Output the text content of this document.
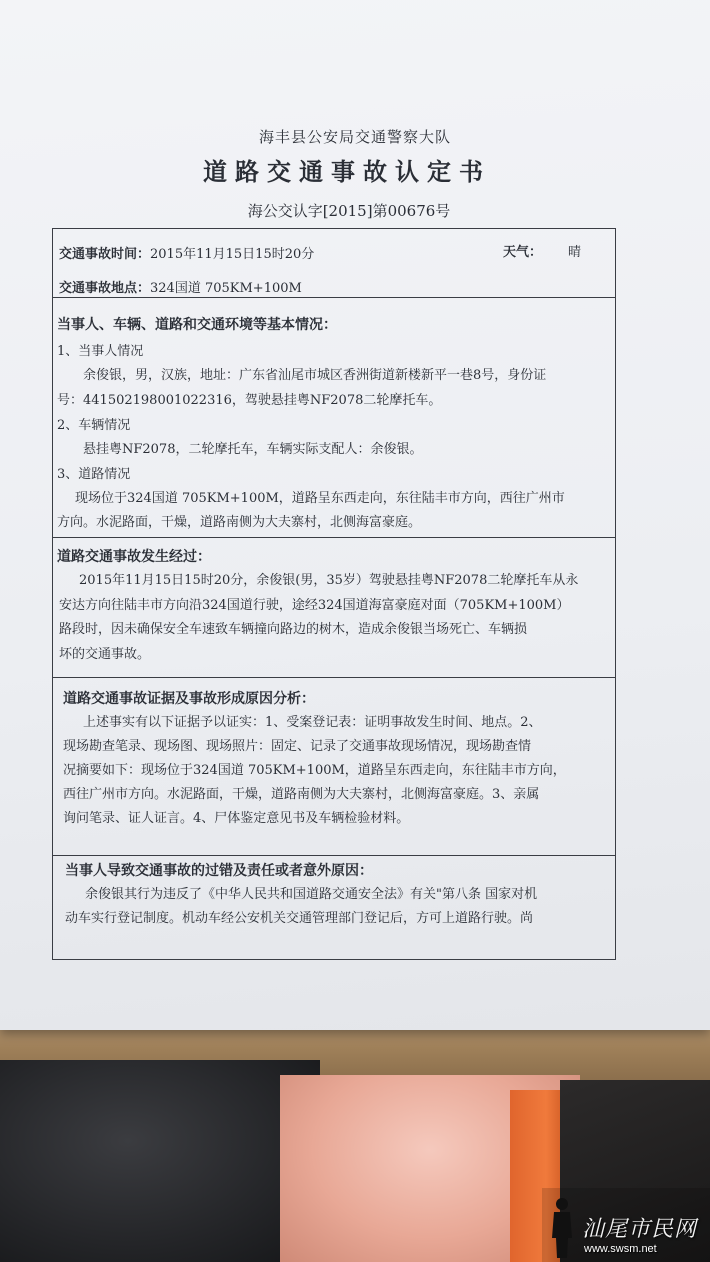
海丰县公安局交通警察大队
道路交通事故认定书
海公交认字[2015]第00676号
交通事故时间：2015年11月15日15时20分	天气： 晴
交通事故地点：324国道 705KM+100M
当事人、车辆、道路和交通环境等基本情况：
1、当事人情况
余俊银，男，汉族，地址：广东省汕尾市城区香洲街道新楼新平一巷8号，身份证
号：441502198001022316，驾驶悬挂粤NF2078二轮摩托车。
2、车辆情况
悬挂粤NF2078，二轮摩托车，车辆实际支配人：余俊银。
3、道路情况
现场位于324国道 705KM+100M，道路呈东西走向，东往陆丰市方向，西往广州市
方向。水泥路面，干燥，道路南侧为大夫寨村，北侧海富豪庭。
道路交通事故发生经过：
2015年11月15日15时20分，余俊银(男，35岁）驾驶悬挂粤NF2078二轮摩托车从永
安达方向往陆丰市方向沿324国道行驶，途经324国道海富豪庭对面（705KM+100M）
路段时，因未确保安全车速致车辆撞向路边的树木，造成余俊银当场死亡、车辆损
坏的交通事故。
道路交通事故证据及事故形成原因分析：
上述事实有以下证据予以证实：1、受案登记表：证明事故发生时间、地点。2、
现场勘查笔录、现场图、现场照片：固定、记录了交通事故现场情况，现场勘查情
况摘要如下：现场位于324国道 705KM+100M，道路呈东西走向，东往陆丰市方向，
西往广州市方向。水泥路面，干燥，道路南侧为大夫寨村，北侧海富豪庭。3、亲属
询问笔录、证人证言。4、尸体鉴定意见书及车辆检验材料。
当事人导致交通事故的过错及责任或者意外原因：
余俊银其行为违反了《中华人民共和国道路交通安全法》有关"第八条 国家对机
动车实行登记制度。机动车经公安机关交通管理部门登记后，方可上道路行驶。尚
汕尾市民网
www.swsm.net
